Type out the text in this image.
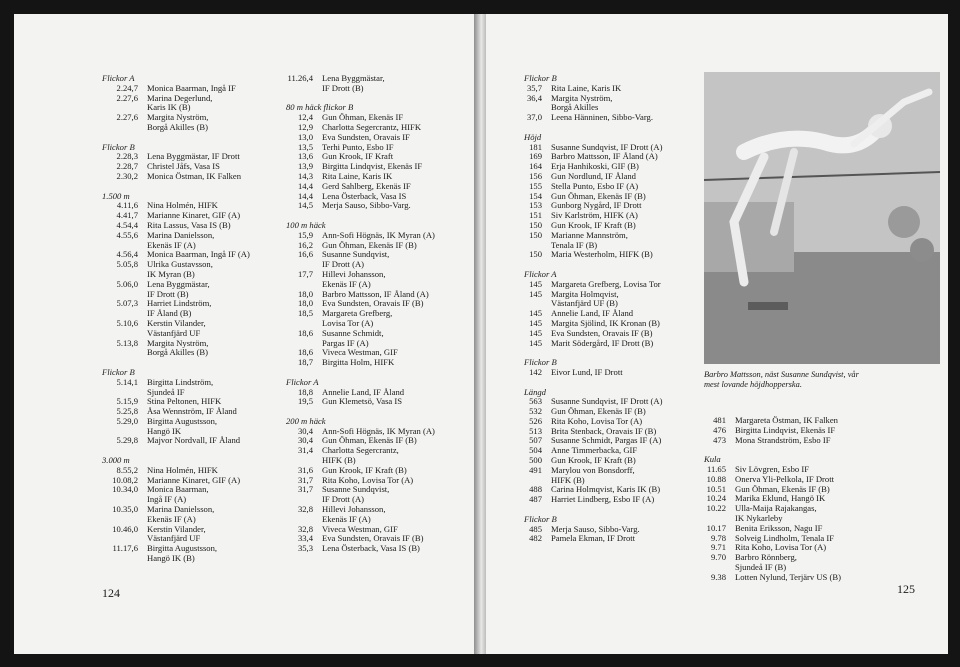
Flickor A
2.24,7	Monica Baarman, Ingå IF
2.27,6	Marina Degerlund,
Karis IK (B)
2.27,6	Margita Nyström,
Borgå Akilles (B)
Flickor B
2.28,3	Lena Byggmästar, IF Drott
2.28,7	Christel Jåfs, Vasa IS
2.30,2	Monica Östman, IK Falken
1.500 m
4.11,6	Nina Holmén, HIFK
4.41,7	Marianne Kinaret, GIF (A)
4.54,4	Rita Lassus, Vasa IS (B)
4.55,6	Marina Danielsson,
Ekenäs IF (A)
4.56,4	Monica Baarman, Ingå IF (A)
5.05,8	Ulrika Gustavsson,
IK Myran (B)
5.06,0	Lena Byggmästar,
IF Drott (B)
5.07,3	Harriet Lindström,
IF Åland (B)
5.10,6	Kerstin Vilander,
Västanfjärd UF
5.13,8	Margita Nyström,
Borgå Akilles (B)
Flickor B
5.14,1	Birgitta Lindström,
Sjundeå IF
5.15,9	Stina Peltonen, HIFK
5.25,8	Åsa Wennström, IF Åland
5.29,0	Birgitta Augustsson,
Hangö IK
5.29,8	Majvor Nordvall, IF Åland
3.000 m
8.55,2	Nina Holmén, HIFK
10.08,2	Marianne Kinaret, GIF (A)
10.34,0	Monica Baarman,
Ingå IF (A)
10.35,0	Marina Danielsson,
Ekenäs IF (A)
10.46,0	Kerstin Vilander,
Västanfjärd UF
11.17,6	Birgitta Augustsson,
Hangö IK (B)
11.26,4	Lena Byggmästar,
IF Drott (B)
80 m häck flickor B
12,4	Gun Öhman, Ekenäs IF
12,9	Charlotta Segercrantz, HIFK
13,0	Eva Sundsten, Oravais IF
13,5	Terhi Punto, Esbo IF
13,6	Gun Krook, IF Kraft
13,9	Birgitta Lindqvist, Ekenäs IF
14,3	Rita Laine, Karis IK
14,4	Gerd Sahlberg, Ekenäs IF
14,4	Lena Österback, Vasa IS
14,5	Merja Sauso, Sibbo-Varg.
100 m häck
15,9	Ann-Sofi Högnäs, IK Myran (A)
16,2	Gun Öhman, Ekenäs IF (B)
16,6	Susanne Sundqvist,
IF Drott (A)
17,7	Hillevi Johansson,
Ekenäs IF (A)
18,0	Barbro Mattsson, IF Åland (A)
18,0	Eva Sundsten, Oravais IF (B)
18,5	Margareta Grefberg,
Lovisa Tor (A)
18,6	Susanne Schmidt,
Pargas IF (A)
18,6	Viveca Westman, GIF
18,7	Birgitta Holm, HIFK
Flickor A
18,8	Annelie Land, IF Åland
19,5	Gun Klemetsö, Vasa IS
200 m häck
30,4	Ann-Sofi Högnäs, IK Myran (A)
30,4	Gun Öhman, Ekenäs IF (B)
31,4	Charlotta Segercrantz,
HIFK (B)
31,6	Gun Krook, IF Kraft (B)
31,7	Rita Koho, Lovisa Tor (A)
31,7	Susanne Sundqvist,
IF Drott (A)
32,8	Hillevi Johansson,
Ekenäs IF (A)
32,8	Viveca Westman, GIF
33,4	Eva Sundsten, Oravais IF (B)
35,3	Lena Österback, Vasa IS (B)
124
Flickor B
35,7	Rita Laine, Karis IK
36,4	Margita Nyström,
Borgå Akilles
37,0	Leena Hänninen, Sibbo-Varg.
Höjd
181	Susanne Sundqvist, IF Drott (A)
169	Barbro Mattsson, IF Åland (A)
164	Erja Hanhikoski, GIF (B)
156	Gun Nordlund, IF Åland
155	Stella Punto, Esbo IF (A)
154	Gun Öhman, Ekenäs IF (B)
153	Gunborg Nygård, IF Drott
151	Siv Karlström, HIFK (A)
150	Gun Krook, IF Kraft (B)
150	Marianne Mannström,
Tenala IF (B)
150	Maria Westerholm, HIFK (B)
Flickor A
145	Margareta Grefberg, Lovisa Tor
145	Margita Holmqvist,
Västanfjärd UF (B)
145	Annelie Land, IF Åland
145	Margita Sjölind, IK Kronan (B)
145	Eva Sundsten, Oravais IF (B)
145	Marit Södergård, IF Drott (B)
Flickor B
142	Eivor Lund, IF Drott
Längd
563	Susanne Sundqvist, IF Drott (A)
532	Gun Öhman, Ekenäs IF (B)
526	Rita Koho, Lovisa Tor (A)
513	Brita Stenback, Oravais IF (B)
507	Susanne Schmidt, Pargas IF (A)
504	Anne Timmerbacka, GIF
500	Gun Krook, IF Kraft (B)
491	Marylou von Bonsdorff,
HIFK (B)
488	Carina Holmqvist, Karis IK (B)
487	Harriet Lindberg, Esbo IF (A)
Flickor B
485	Merja Sauso, Sibbo-Varg.
482	Pamela Ekman, IF Drott
Barbro Mattsson, näst Susanne Sundqvist, vår mest lovande höjdhopperska.
481	Margareta Östman, IK Falken
476	Birgitta Lindqvist, Ekenäs IF
473	Mona Strandström, Esbo IF
Kula
11.65	Siv Lövgren, Esbo IF
10.88	Onerva Yli-Pelkola, IF Drott
10.51	Gun Öhman, Ekenäs IF (B)
10.24	Marika Eklund, Hangö IK
10.22	Ulla-Maija Rajakangas,
IK Nykarleby
10.17	Benita Eriksson, Nagu IF
9.78	Solveig Lindholm, Tenala IF
9.71	Rita Koho, Lovisa Tor (A)
9.70	Barbro Rönnberg,
Sjundeå IF (B)
9.38	Lotten Nylund, Terjärv US (B)
125
